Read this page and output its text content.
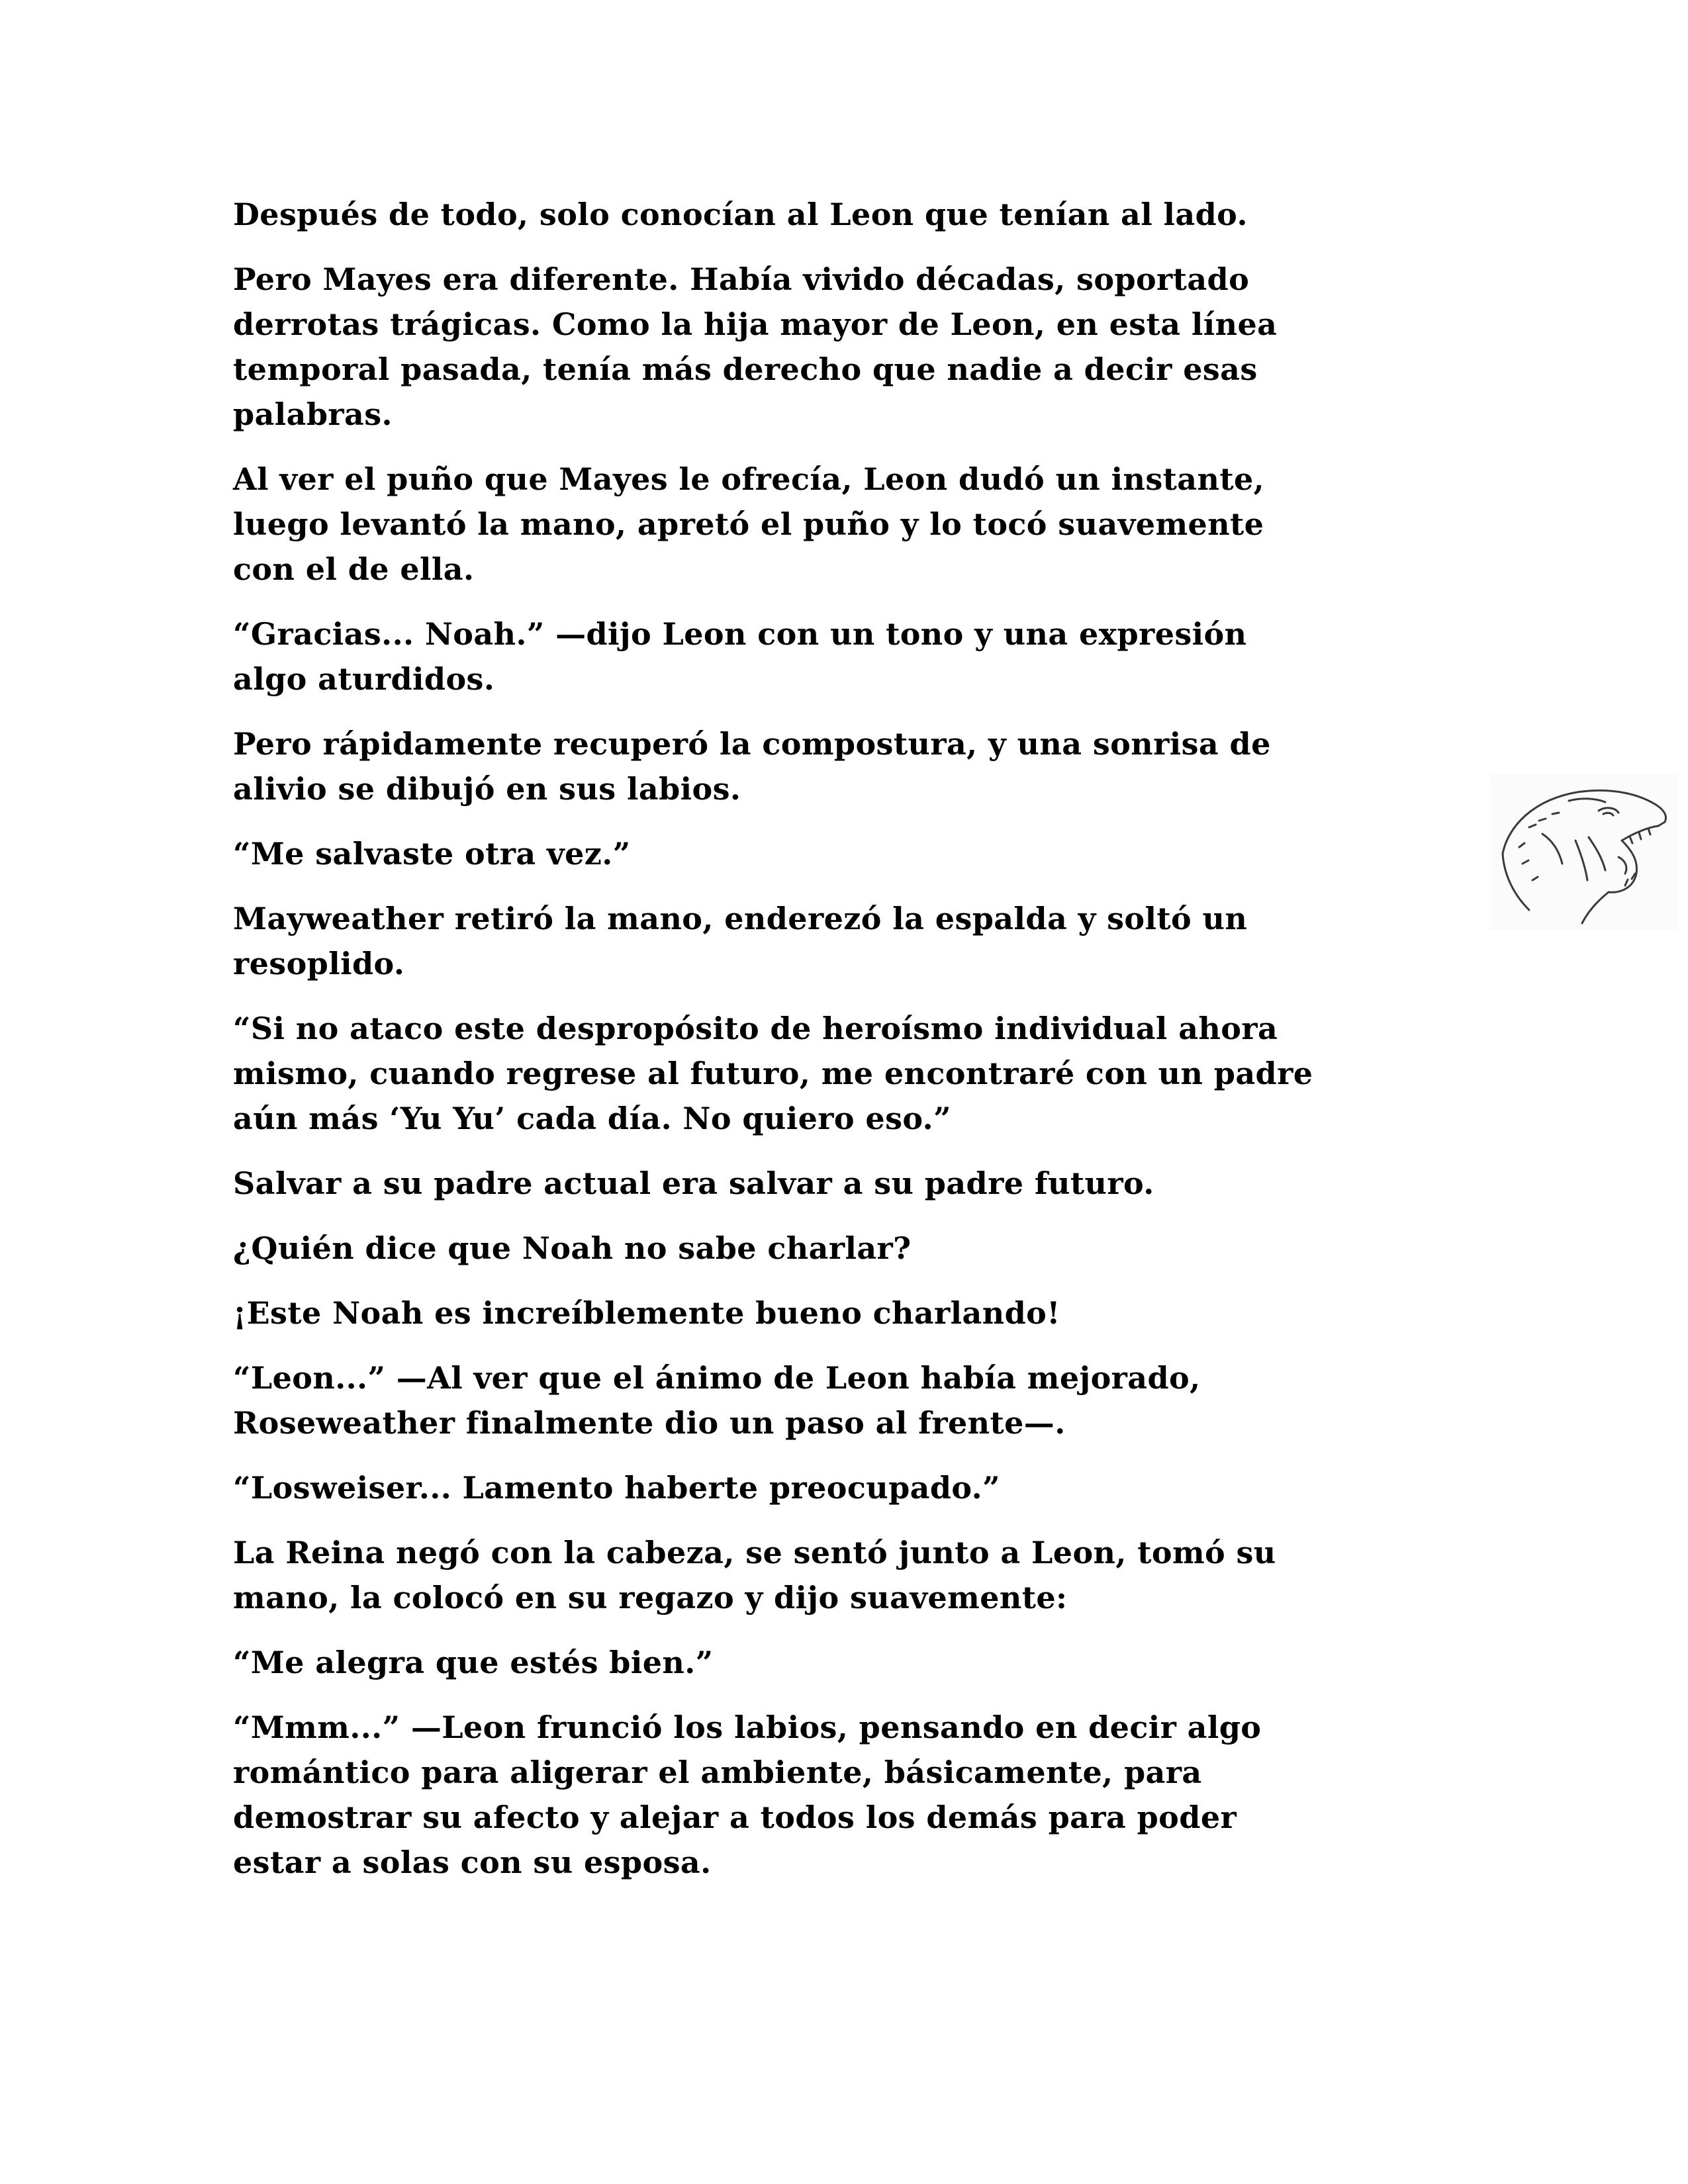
Después de todo, solo conocían al Leon que tenían al lado.

Pero Mayes era diferente. Había vivido décadas, soportado
derrotas trágicas. Como la hija mayor de Leon, en esta línea
temporal pasada, tenía más derecho que nadie a decir esas
palabras.

Al ver el puño que Mayes le ofrecía, Leon dudó un instante,
luego levantó la mano, apretó el puño y lo tocó suavemente
con el de ella.

“Gracias... Noah.” —dijo Leon con un tono y una expresión
algo aturdidos.

Pero rápidamente recuperó la compostura, y una sonrisa de
alivio se dibujó en sus labios.

“Me salvaste otra vez.”

Mayweather retiró la mano, enderezó la espalda y soltó un
resoplido.

“Si no ataco este despropósito de heroísmo individual ahora
mismo, cuando regrese al futuro, me encontraré con un padre
aún más ‘Yu Yu’ cada día. No quiero eso.”

Salvar a su padre actual era salvar a su padre futuro.

¿Quién dice que Noah no sabe charlar?

¡Este Noah es increíblemente bueno charlando!

“Leon...” —Al ver que el ánimo de Leon había mejorado,
Roseweather finalmente dio un paso al frente—.

“Losweiser... Lamento haberte preocupado.”

La Reina negó con la cabeza, se sentó junto a Leon, tomó su
mano, la colocó en su regazo y dijo suavemente:

“Me alegra que estés bien.”

“Mmm...” —Leon frunció los labios, pensando en decir algo
romántico para aligerar el ambiente, básicamente, para
demostrar su afecto y alejar a todos los demás para poder
estar a solas con su esposa.
